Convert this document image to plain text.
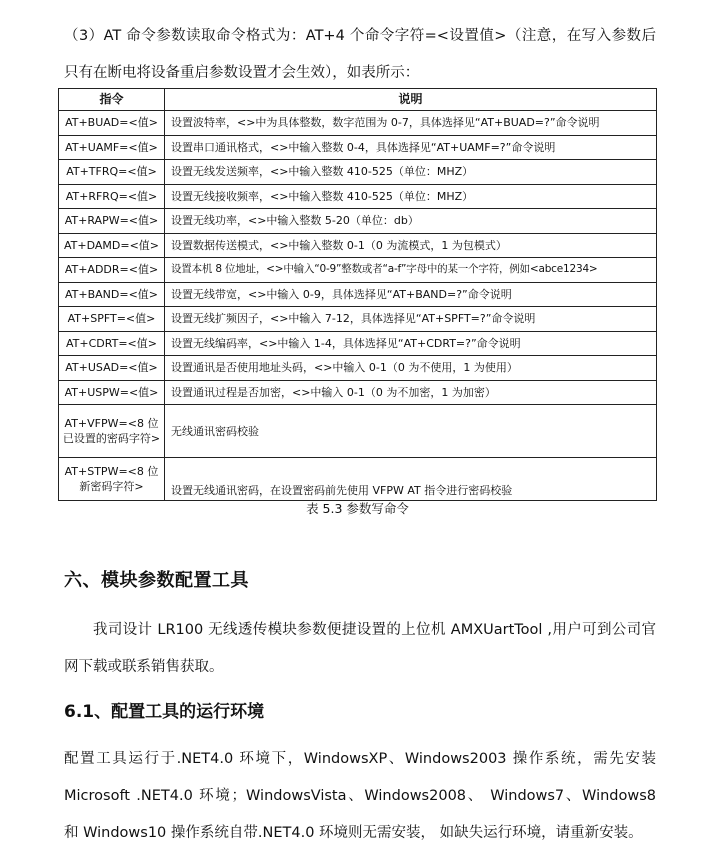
（3）AT 命令参数读取命令格式为：AT+4 个命令字符=<设置值>（注意，在写入参数后 只有在断电将设备重启参数设置才会生效），如表所示：
指令	说明
AT+BUAD=<值>	设置波特率，<>中为具体整数，数字范围为 0-7，具体选择见“AT+BUAD=?”命令说明
AT+UAMF=<值>	设置串口通讯格式，<>中输入整数 0-4，具体选择见“AT+UAMF=?”命令说明
AT+TFRQ=<值>	设置无线发送频率，<>中输入整数 410-525（单位：MHZ）
AT+RFRQ=<值>	设置无线接收频率，<>中输入整数 410-525（单位：MHZ）
AT+RAPW=<值>	设置无线功率，<>中输入整数 5-20（单位：db）
AT+DAMD=<值>	设置数据传送模式，<>中输入整数 0-1（0 为流模式，1 为包模式）
AT+ADDR=<值>	设置本机 8 位地址，<>中输入“0-9”整数或者“a-f”字母中的某一个字符，例如<abce1234>
AT+BAND=<值>	设置无线带宽，<>中输入 0-9，具体选择见“AT+BAND=?”命令说明
AT+SPFT=<值>	设置无线扩频因子，<>中输入 7-12，具体选择见“AT+SPFT=?”命令说明
AT+CDRT=<值>	设置无线编码率，<>中输入 1-4，具体选择见“AT+CDRT=?”命令说明
AT+USAD=<值>	设置通讯是否使用地址头码，<>中输入 0-1（0 为不使用，1 为使用）
AT+USPW=<值>	设置通讯过程是否加密，<>中输入 0-1（0 为不加密，1 为加密）
AT+VFPW=<8 位已设置的密码字符>	无线通讯密码校验
AT+STPW=<8 位新密码字符>	设置无线通讯密码，在设置密码前先使用 VFPW AT 指令进行密码校验
表 5.3 参数写命令
六、模块参数配置工具
我司设计 LR100 无线透传模块参数便捷设置的上位机 AMXUartTool ,用户可到公司官网下载或联系销售获取。
6.1、配置工具的运行环境
配置工具运行于.NET4.0 环境下，WindowsXP、Windows2003 操作系统，需先安装 Microsoft .NET4.0 环境；WindowsVista、Windows2008、 Windows7、Windows8 和 Windows10 操作系统自带.NET4.0 环境则无需安装， 如缺失运行环境，请重新安装。
